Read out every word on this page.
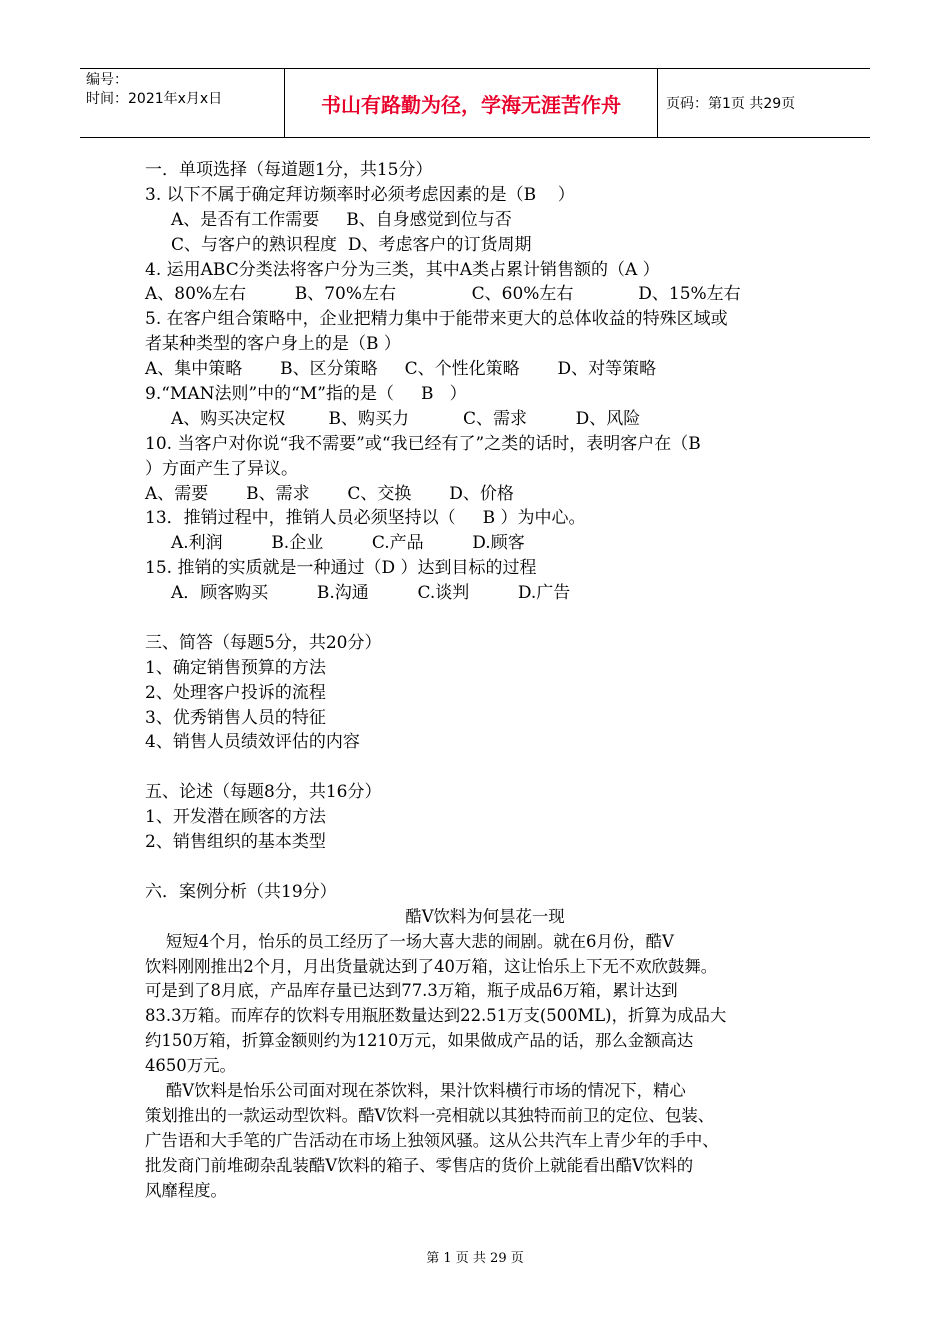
编号：
时间：2021年x月x日	书山有路勤为径，学海无涯苦作舟	页码：第1页 共29页
一．单项选择（每道题1分，共15分）
3. 以下不属于确定拜访频率时必须考虑因素的是（B    ）
A、是否有工作需要     B、自身感觉到位与否
C、与客户的熟识程度  D、考虑客户的订货周期
4. 运用ABC分类法将客户分为三类，其中A类占累计销售额的（A ）
A、80%左右         B、70%左右              C、60%左右            D、15%左右
5. 在客户组合策略中，企业把精力集中于能带来更大的总体收益的特殊区域或
者某种类型的客户身上的是（B ）
A、集中策略       B、区分策略     C、个性化策略       D、对等策略
9.“MAN法则”中的“M”指的是（     B   ）
A、购买决定权        B、购买力          C、需求         D、风险
10. 当客户对你说“我不需要”或“我已经有了”之类的话时，表明客户在（B
）方面产生了异议。
A、需要       B、需求       C、交换       D、价格
13．推销过程中，推销人员必须坚持以（     B ）为中心。
A.利润         B.企业         C.产品         D.顾客
15. 推销的实质就是一种通过（D ）达到目标的过程
A．顾客购买         B.沟通         C.谈判         D.广告
三、简答（每题5分，共20分）
1、确定销售预算的方法
2、处理客户投诉的流程
3、优秀销售人员的特征
4、销售人员绩效评估的内容
五、论述（每题8分，共16分）
1、开发潜在顾客的方法
2、销售组织的基本类型
六．案例分析（共19分）
酷V饮料为何昙花一现
短短4个月，怡乐的员工经历了一场大喜大悲的闹剧。就在6月份，酷V
饮料刚刚推出2个月，月出货量就达到了40万箱，这让怡乐上下无不欢欣鼓舞。
可是到了8月底，产品库存量已达到77.3万箱，瓶子成品6万箱，累计达到
83.3万箱。而库存的饮料专用瓶胚数量达到22.51万支(500ML)，折算为成品大
约150万箱，折算金额则约为1210万元，如果做成产品的话，那么金额高达
4650万元。
酷V饮料是怡乐公司面对现在茶饮料，果汁饮料横行市场的情况下，精心
策划推出的一款运动型饮料。酷V饮料一亮相就以其独特而前卫的定位、包装、
广告语和大手笔的广告活动在市场上独领风骚。这从公共汽车上青少年的手中、
批发商门前堆砌杂乱装酷V饮料的箱子、零售店的货价上就能看出酷V饮料的
风靡程度。
第 1 页 共 29 页
